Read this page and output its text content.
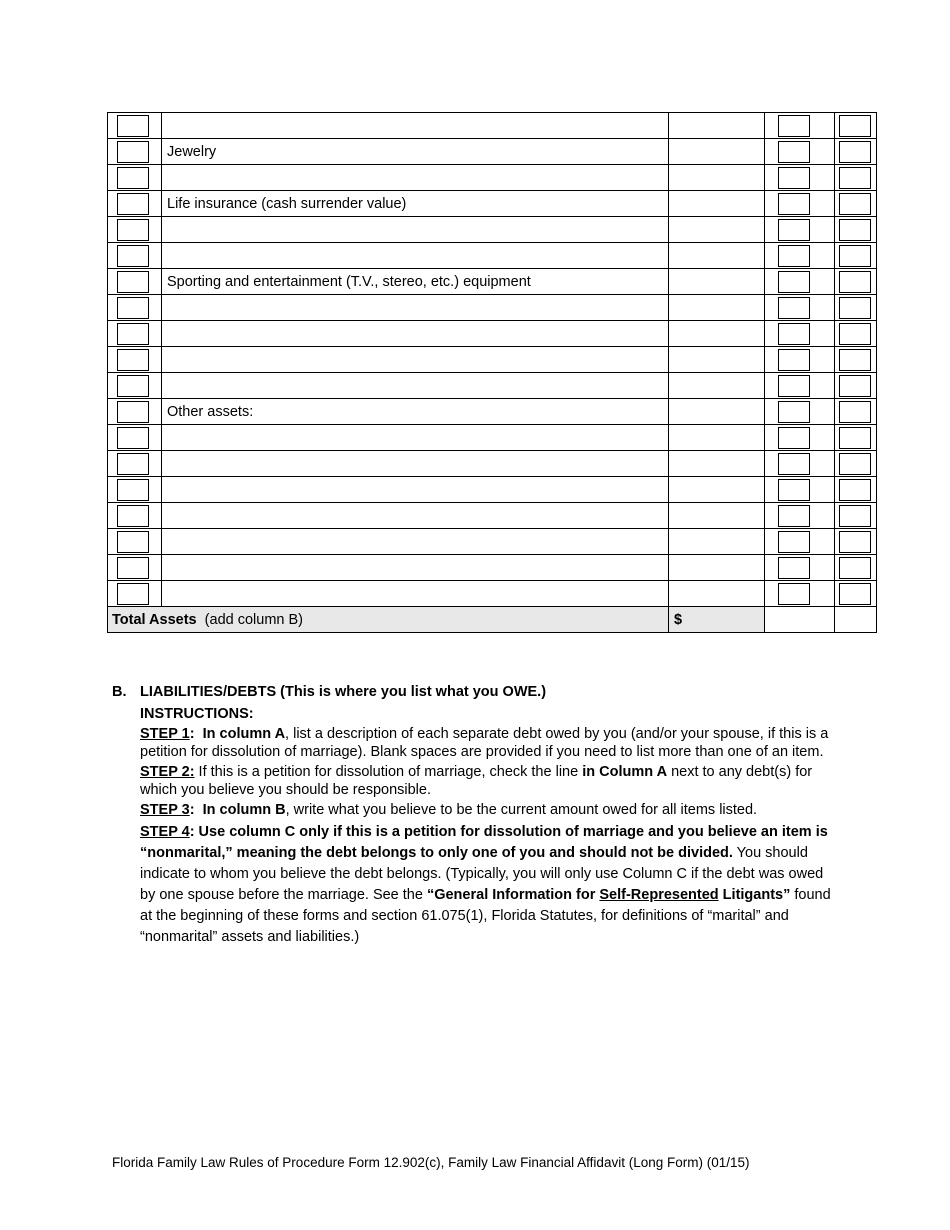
	Jewelry		

	Life insurance (cash surrender value)		

	Sporting and entertainment (T.V., stereo, etc.) equipment		

	Other assets:		

Total Assets (add column B)		$		
B. LIABILITIES/DEBTS (This is where you list what you OWE.)
INSTRUCTIONS:

STEP 1: In column A, list a description of each separate debt owed by you (and/or your spouse, if this is a petition for dissolution of marriage). Blank spaces are provided if you need to list more than one of an item.

STEP 2: If this is a petition for dissolution of marriage, check the line in Column A next to any debt(s) for which you believe you should be responsible.

STEP 3: In column B, write what you believe to be the current amount owed for all items listed.

STEP 4: Use column C only if this is a petition for dissolution of marriage and you believe an item is “nonmarital,” meaning the debt belongs to only one of you and should not be divided. You should indicate to whom you believe the debt belongs. (Typically, you will only use Column C if the debt was owed by one spouse before the marriage. See the “General Information for Self-Represented Litigants” found at the beginning of these forms and section 61.075(1), Florida Statutes, for definitions of “marital” and “nonmarital” assets and liabilities.)

Florida Family Law Rules of Procedure Form 12.902(c), Family Law Financial Affidavit (Long Form) (01/15)
